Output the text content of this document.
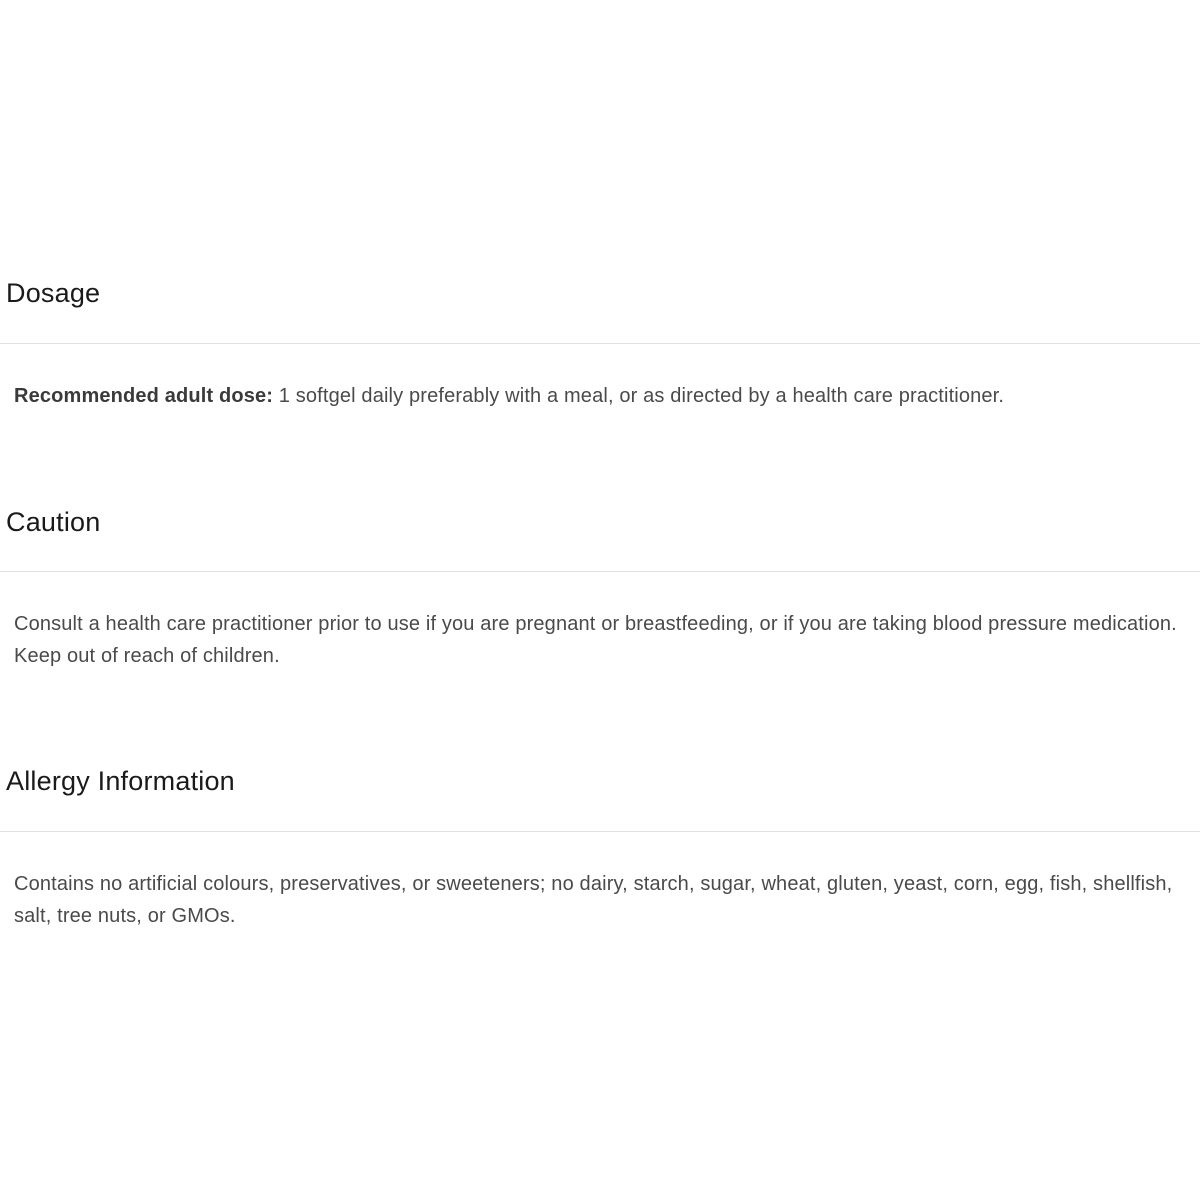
Dosage

Recommended adult dose: 1 softgel daily preferably with a meal, or as directed by a health care practitioner.

Caution

Consult a health care practitioner prior to use if you are pregnant or breastfeeding, or if you are taking blood pressure medication. Keep out of reach of children.

Allergy Information

Contains no artificial colours, preservatives, or sweeteners; no dairy, starch, sugar, wheat, gluten, yeast, corn, egg, fish, shellfish, salt, tree nuts, or GMOs.
